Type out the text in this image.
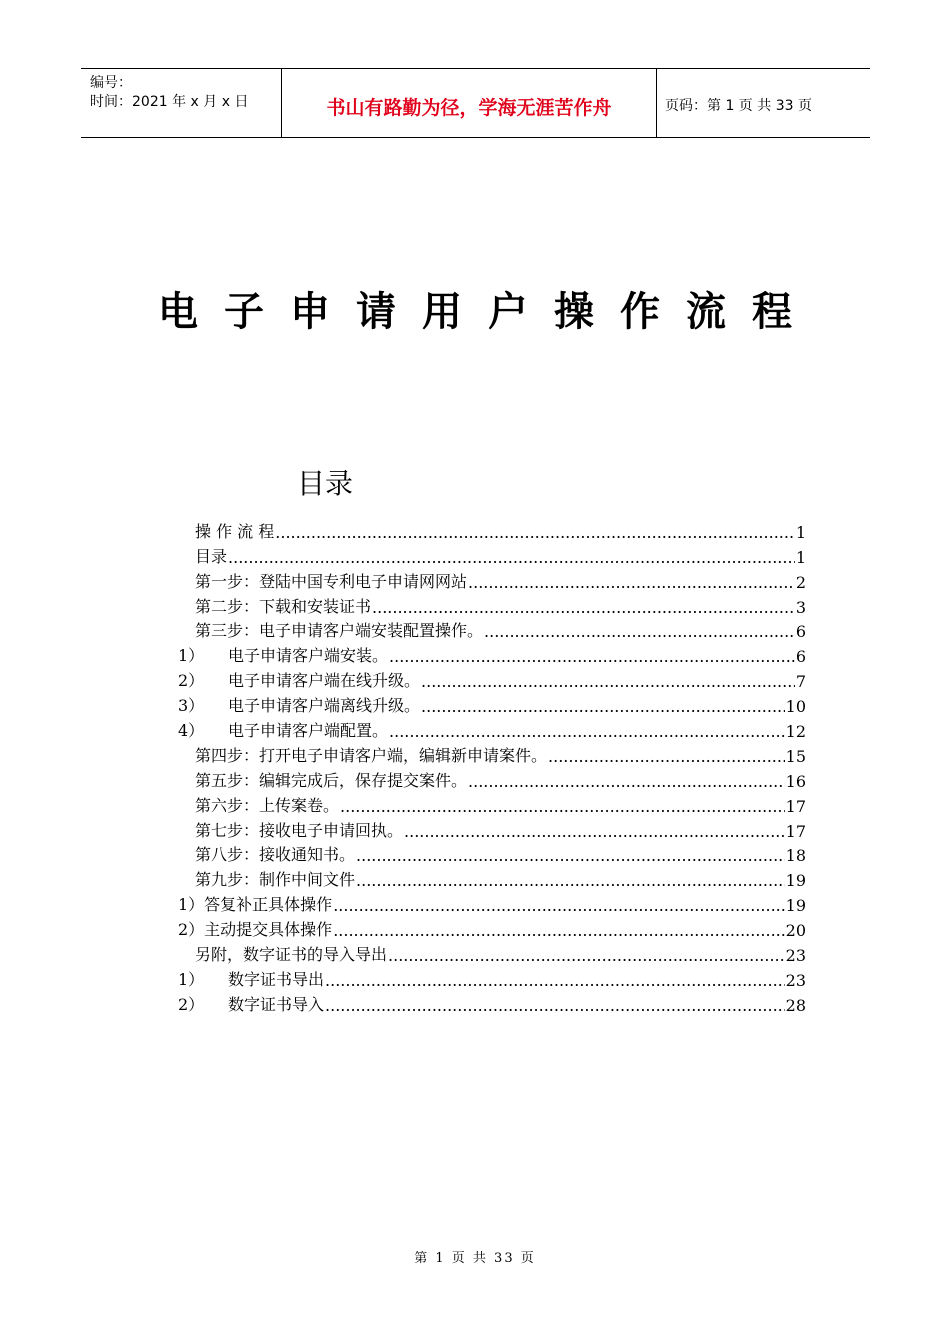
编号：
时间：2021 年 x 月 x 日	书山有路勤为径，学海无涯苦作舟	页码：第 1 页 共 33 页
电子申请用户操作流程
目录
操 作 流 程 .....	1
目录 .....	1
第一步：登陆中国专利电子申请网网站 .....	2
第二步：下载和安装证书 .....	3
第三步：电子申请客户端安装配置操作。 .....	6
1）	电子申请客户端安装。 .....	6
2）	电子申请客户端在线升级。 .....	7
3）	电子申请客户端离线升级。 .....	10
4）	电子申请客户端配置。 .....	12
第四步：打开电子申请客户端，编辑新申请案件。 .....	15
第五步：编辑完成后，保存提交案件。 .....	16
第六步：上传案卷。 .....	17
第七步：接收电子申请回执。 .....	17
第八步：接收通知书。 .....	18
第九步：制作中间文件 .....	19
1）答复补正具体操作 .....	19
2）主动提交具体操作 .....	20
另附，数字证书的导入导出 .....	23
1）	数字证书导出 .....	23
2）	数字证书导入 .....	28
第 1 页 共 33 页
